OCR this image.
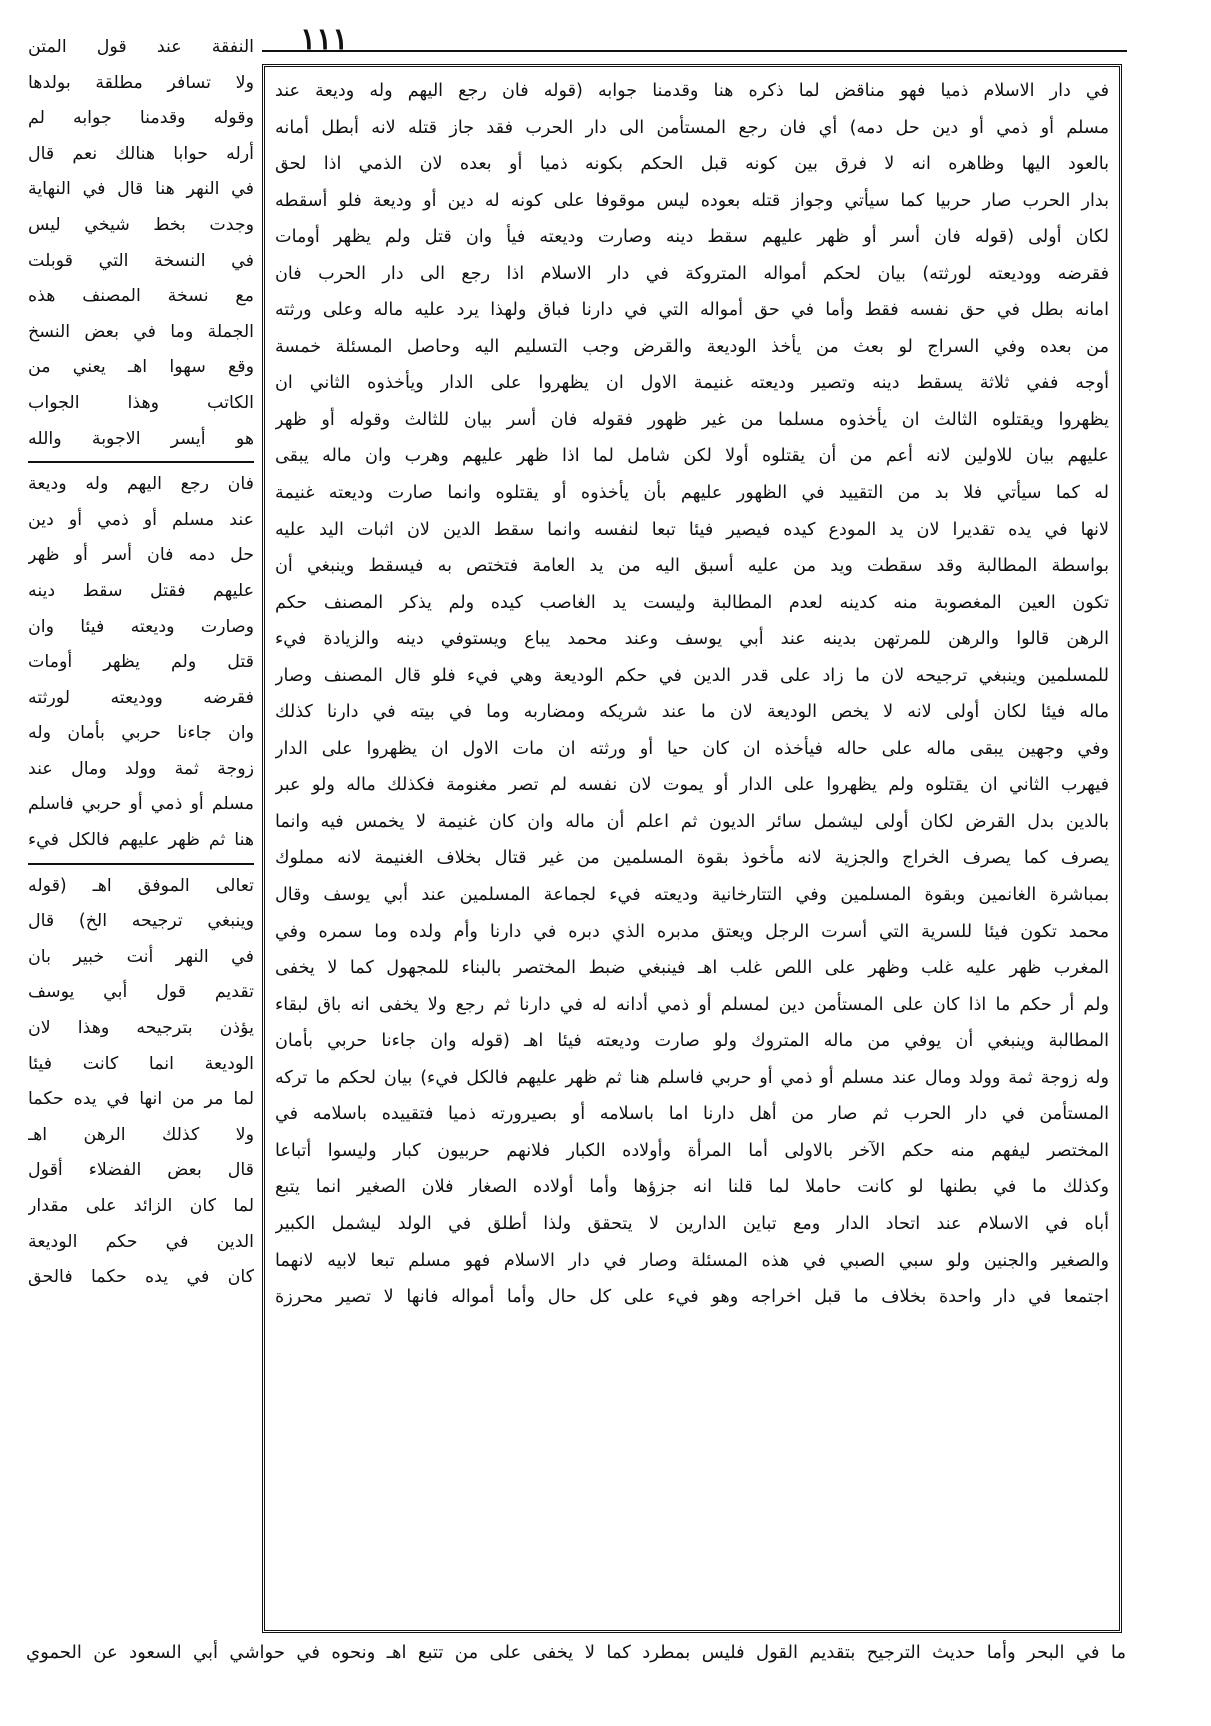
١١١
في دار الاسلام ذميا فهو مناقض لما ذكره هنا وقدمنا جوابه (قوله فان رجع اليهم وله وديعة عند
مسلم أو ذمي أو دين حل دمه) أي فان رجع المستأمن الى دار الحرب فقد جاز قتله لانه أبطل أمانه
بالعود اليها وظاهره انه لا فرق بين كونه قبل الحكم بكونه ذميا أو بعده لان الذمي اذا لحق
بدار الحرب صار حربيا كما سيأتي وجواز قتله بعوده ليس موقوفا على كونه له دين أو وديعة فلو أسقطه
لكان أولى (قوله فان أسر أو ظهر عليهم سقط دينه وصارت وديعته فيأ وان قتل ولم يظهر أومات
فقرضه ووديعته لورثته) بيان لحكم أمواله المتروكة في دار الاسلام اذا رجع الى دار الحرب فان
امانه بطل في حق نفسه فقط وأما في حق أمواله التي في دارنا فباق ولهذا يرد عليه ماله وعلى ورثته
من بعده وفي السراج لو بعث من يأخذ الوديعة والقرض وجب التسليم اليه وحاصل المسئلة خمسة
أوجه ففي ثلاثة يسقط دينه وتصير وديعته غنيمة الاول ان يظهروا على الدار ويأخذوه الثاني ان
يظهروا ويقتلوه الثالث ان يأخذوه مسلما من غير ظهور فقوله فان أسر بيان للثالث وقوله أو ظهر
عليهم بيان للاولين لانه أعم من أن يقتلوه أولا لكن شامل لما اذا ظهر عليهم وهرب وان ماله يبقى
له كما سيأتي فلا بد من التقييد في الظهور عليهم بأن يأخذوه أو يقتلوه وانما صارت وديعته غنيمة
لانها في يده تقديرا لان يد المودع كيده فيصير فيئا تبعا لنفسه وانما سقط الدين لان اثبات اليد عليه
بواسطة المطالبة وقد سقطت ويد من عليه أسبق اليه من يد العامة فتختص به فيسقط وينبغي أن
تكون العين المغصوبة منه كدينه لعدم المطالبة وليست يد الغاصب كيده ولم يذكر المصنف حكم
الرهن قالوا والرهن للمرتهن بدينه عند أبي يوسف وعند محمد يباع ويستوفي دينه والزيادة فيء
للمسلمين وينبغي ترجيحه لان ما زاد على قدر الدين في حكم الوديعة وهي فيء فلو قال المصنف وصار
ماله فيئا لكان أولى لانه لا يخص الوديعة لان ما عند شريكه ومضاربه وما في بيته في دارنا كذلك
وفي وجهين يبقى ماله على حاله فيأخذه ان كان حيا أو ورثته ان مات الاول ان يظهروا على الدار
فيهرب الثاني ان يقتلوه ولم يظهروا على الدار أو يموت لان نفسه لم تصر مغنومة فكذلك ماله ولو عبر
بالدين بدل القرض لكان أولى ليشمل سائر الديون ثم اعلم أن ماله وان كان غنيمة لا يخمس فيه وانما
يصرف كما يصرف الخراج والجزية لانه مأخوذ بقوة المسلمين من غير قتال بخلاف الغنيمة لانه مملوك
بمباشرة الغانمين وبقوة المسلمين وفي التتارخانية وديعته فيء لجماعة المسلمين عند أبي يوسف وقال
محمد تكون فيئا للسرية التي أسرت الرجل ويعتق مدبره الذي دبره في دارنا وأم ولده وما سمره وفي
المغرب ظهر عليه غلب وظهر على اللص غلب اهـ فينبغي ضبط المختصر بالبناء للمجهول كما لا يخفى
ولم أر حكم ما اذا كان على المستأمن دين لمسلم أو ذمي أدانه له في دارنا ثم رجع ولا يخفى انه باق لبقاء
المطالبة وينبغي أن يوفي من ماله المتروك ولو صارت وديعته فيئا اهـ (قوله وان جاءنا حربي بأمان
وله زوجة ثمة وولد ومال عند مسلم أو ذمي أو حربي فاسلم هنا ثم ظهر عليهم فالكل فيء) بيان لحكم ما تركه
المستأمن في دار الحرب ثم صار من أهل دارنا اما باسلامه أو بصيرورته ذميا فتقييده باسلامه في
المختصر ليفهم منه حكم الآخر بالاولى أما المرأة وأولاده الكبار فلانهم حربيون كبار وليسوا أتباعا
وكذلك ما في بطنها لو كانت حاملا لما قلنا انه جزؤها وأما أولاده الصغار فلان الصغير انما يتبع
أباه في الاسلام عند اتحاد الدار ومع تباين الدارين لا يتحقق ولذا أطلق في الولد ليشمل الكبير
والصغير والجنين ولو سبي الصبي في هذه المسئلة وصار في دار الاسلام فهو مسلم تبعا لابيه لانهما
اجتمعا في دار واحدة بخلاف ما قبل اخراجه وهو فيء على كل حال وأما أمواله فانها لا تصير محرزة
النفقة عند قول المتن
ولا تسافر مطلقة بولدها
وقوله وقدمنا جوابه لم
أرله حوابا هنالك نعم قال
في النهر هنا قال في النهاية
وجدت بخط شيخي ليس
في النسخة التي قوبلت
مع نسخة المصنف هذه
الجملة وما في بعض النسخ
وقع سهوا اهـ يعني من
الكاتب وهذا الجواب
هو أيسر الاجوبة والله
فان رجع اليهم وله وديعة
عند مسلم أو ذمي أو دين
حل دمه فان أسر أو ظهر
عليهم فقتل سقط دينه
وصارت وديعته فيئا وان
قتل ولم يظهر أومات
فقرضه ووديعته لورثته
وان جاءنا حربي بأمان وله
زوجة ثمة وولد ومال عند
مسلم أو ذمي أو حربي فاسلم
هنا ثم ظهر عليهم فالكل فيء
تعالى الموفق اهـ (قوله
وينبغي ترجيحه الخ) قال
في النهر أنت خبير بان
تقديم قول أبي يوسف
يؤذن بترجيحه وهذا لان
الوديعة انما كانت فيئا
لما مر من انها في يده حكما
ولا كذلك الرهن اهـ
قال بعض الفضلاء أقول
لما كان الزائد على مقدار
الدين في حكم الوديعة
كان في يده حكما فالحق
ما في البحر وأما حديث الترجيح بتقديم القول فليس بمطرد كما لا يخفى على من تتبع اهـ ونحوه في حواشي أبي السعود عن الحموي
